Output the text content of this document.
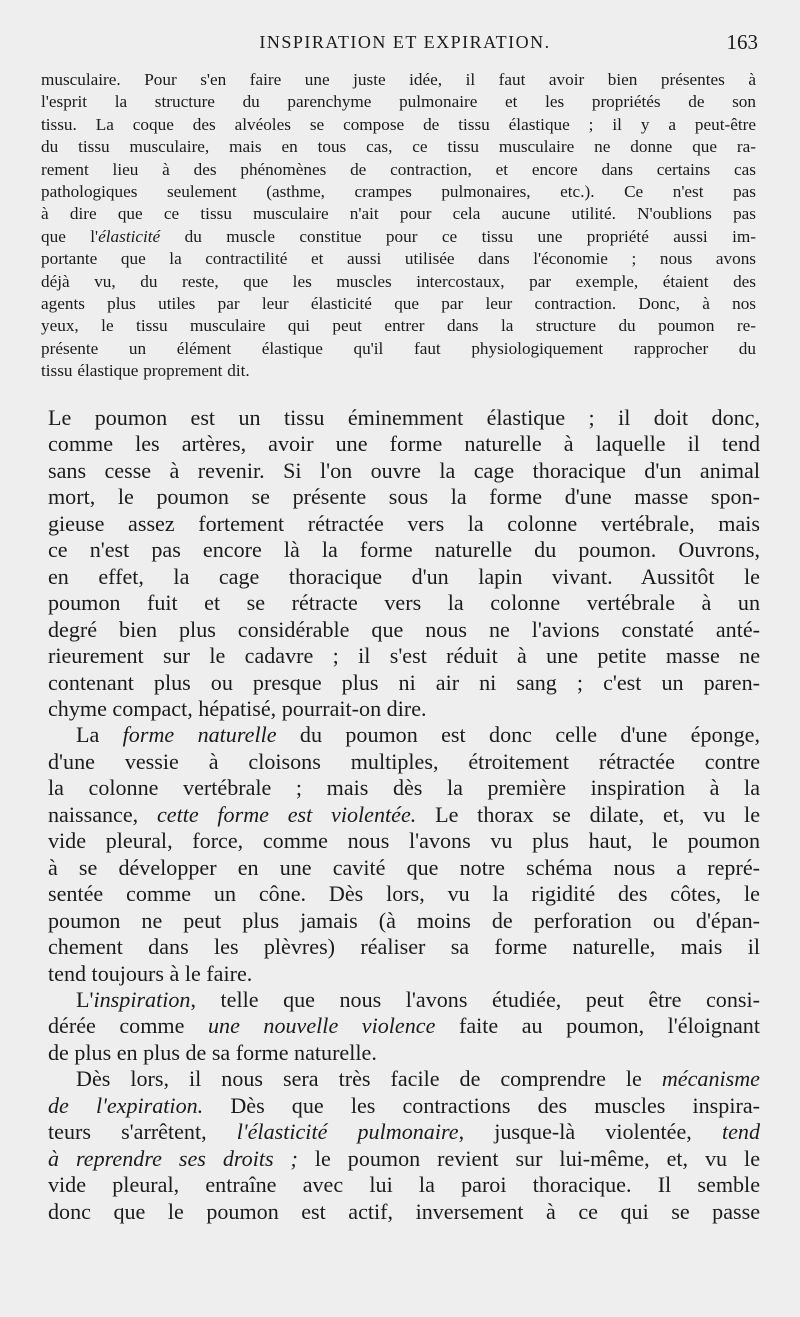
INSPIRATION ET EXPIRATION.	163
musculaire. Pour s'en faire une juste idée, il faut avoir bien présentes à
l'esprit la structure du parenchyme pulmonaire et les propriétés de son
tissu. La coque des alvéoles se compose de tissu élastique ; il y a peut-être
du tissu musculaire, mais en tous cas, ce tissu musculaire ne donne que ra-
rement lieu à des phénomènes de contraction, et encore dans certains cas
pathologiques seulement (asthme, crampes pulmonaires, etc.). Ce n'est pas
à dire que ce tissu musculaire n'ait pour cela aucune utilité. N'oublions pas
que l'élasticité du muscle constitue pour ce tissu une propriété aussi im-
portante que la contractilité et aussi utilisée dans l'économie ; nous avons
déjà vu, du reste, que les muscles intercostaux, par exemple, étaient des
agents plus utiles par leur élasticité que par leur contraction. Donc, à nos
yeux, le tissu musculaire qui peut entrer dans la structure du poumon re-
présente un élément élastique qu'il faut physiologiquement rapprocher du
tissu élastique proprement dit.
Le poumon est un tissu éminemment élastique ; il doit donc,
comme les artères, avoir une forme naturelle à laquelle il tend
sans cesse à revenir. Si l'on ouvre la cage thoracique d'un animal
mort, le poumon se présente sous la forme d'une masse spon-
gieuse assez fortement rétractée vers la colonne vertébrale, mais
ce n'est pas encore là la forme naturelle du poumon. Ouvrons,
en effet, la cage thoracique d'un lapin vivant. Aussitôt le
poumon fuit et se rétracte vers la colonne vertébrale à un
degré bien plus considérable que nous ne l'avions constaté anté-
rieurement sur le cadavre ; il s'est réduit à une petite masse ne
contenant plus ou presque plus ni air ni sang ; c'est un paren-
chyme compact, hépatisé, pourrait-on dire.
La forme naturelle du poumon est donc celle d'une éponge,
d'une vessie à cloisons multiples, étroitement rétractée contre
la colonne vertébrale ; mais dès la première inspiration à la
naissance, cette forme est violentée. Le thorax se dilate, et, vu le
vide pleural, force, comme nous l'avons vu plus haut, le poumon
à se développer en une cavité que notre schéma nous a repré-
sentée comme un cône. Dès lors, vu la rigidité des côtes, le
poumon ne peut plus jamais (à moins de perforation ou d'épan-
chement dans les plèvres) réaliser sa forme naturelle, mais il
tend toujours à le faire.
L'inspiration, telle que nous l'avons étudiée, peut être consi-
dérée comme une nouvelle violence faite au poumon, l'éloignant
de plus en plus de sa forme naturelle.
Dès lors, il nous sera très facile de comprendre le mécanisme
de l'expiration. Dès que les contractions des muscles inspira-
teurs s'arrêtent, l'élasticité pulmonaire, jusque-là violentée, tend
à reprendre ses droits ; le poumon revient sur lui-même, et, vu le
vide pleural, entraîne avec lui la paroi thoracique. Il semble
donc que le poumon est actif, inversement à ce qui se passe
